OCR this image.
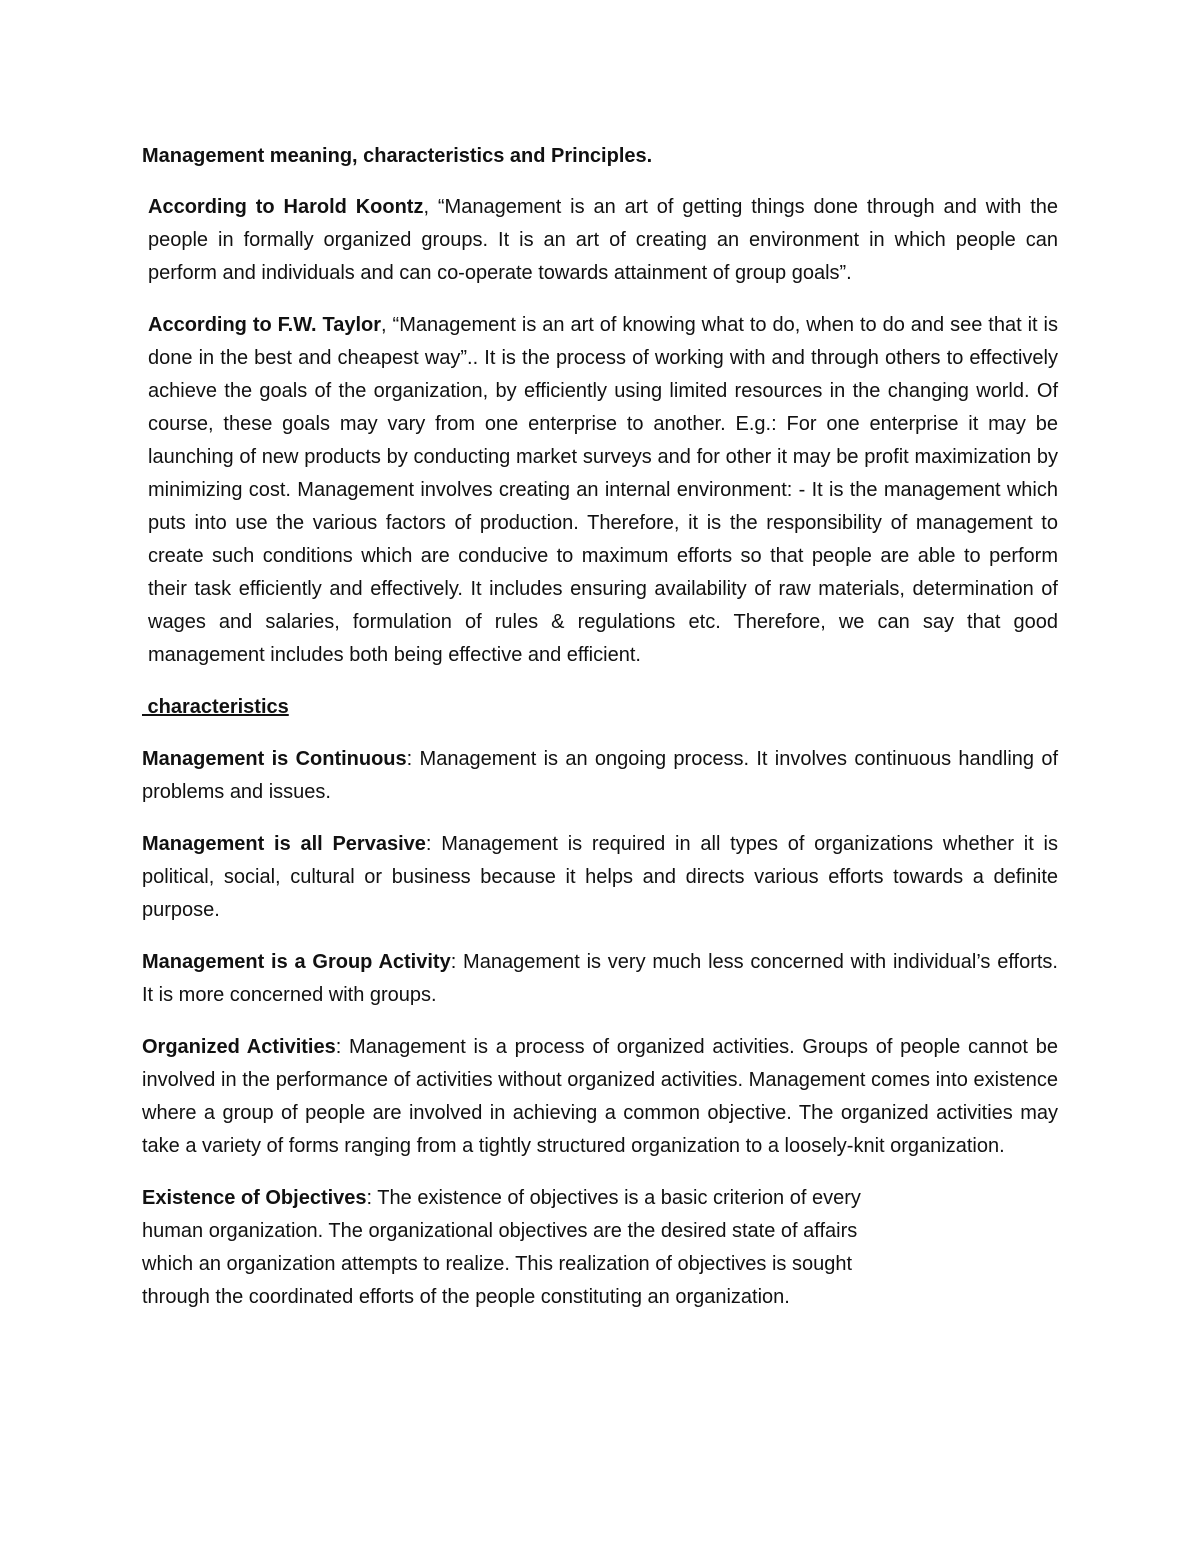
Management meaning, characteristics and Principles.

According to Harold Koontz, “Management is an art of getting things done through and with the people in formally organized groups. It is an art of creating an environment in which people can perform and individuals and can co-operate towards attainment of group goals”.

According to F.W. Taylor, “Management is an art of knowing what to do, when to do and see that it is done in the best and cheapest way”.. It is the process of working with and through others to effectively achieve the goals of the organization, by efficiently using limited resources in the changing world. Of course, these goals may vary from one enterprise to another. E.g.: For one enterprise it may be launching of new products by conducting market surveys and for other it may be profit maximization by minimizing cost. Management involves creating an internal environment: - It is the management which puts into use the various factors of production. Therefore, it is the responsibility of management to create such conditions which are conducive to maximum efforts so that people are able to perform their task efficiently and effectively. It includes ensuring availability of raw materials, determination of wages and salaries, formulation of rules & regulations etc. Therefore, we can say that good management includes both being effective and efficient.

characteristics

Management is Continuous: Management is an ongoing process. It involves continuous handling of problems and issues.

Management is all Pervasive: Management is required in all types of organizations whether it is political, social, cultural or business because it helps and directs various efforts towards a definite purpose.

Management is a Group Activity: Management is very much less concerned with individual’s efforts. It is more concerned with groups.

Organized Activities: Management is a process of organized activities. Groups of people cannot be involved in the performance of activities without organized activities. Management comes into existence where a group of people are involved in achieving a common objective. The organized activities may take a variety of forms ranging from a tightly structured organization to a loosely-knit organization.

Existence of Objectives: The existence of objectives is a basic criterion of every human organization. The organizational objectives are the desired state of affairs which an organization attempts to realize. This realization of objectives is sought through the coordinated efforts of the people constituting an organization.
